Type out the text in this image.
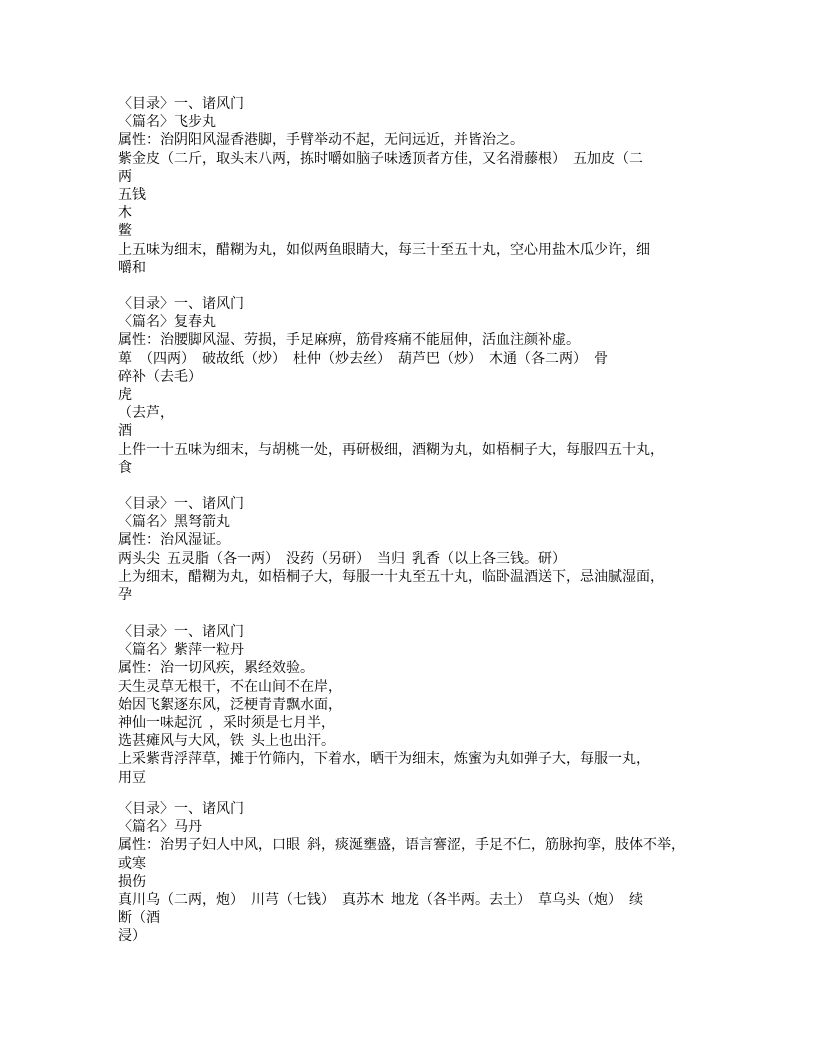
〈目录〉一、诸风门
〈篇名〉飞步丸
属性：治阴阳风湿香港脚，手臂举动不起，无问远近，并皆治之。
紫金皮（二斤，取头末八两，拣时嚼如脑子味透顶者方佳，又名滑藤根）  五加皮（二
两
五钱
木
鳖
上五味为细末，醋糊为丸，如似两鱼眼睛大，每三十至五十丸，空心用盐木瓜少许，细
嚼和
〈目录〉一、诸风门
〈篇名〉复春丸
属性：治腰脚风湿、劳损，手足麻痹，筋骨疼痛不能屈伸，活血注颜补虚。
萆  （四两）  破故纸（炒）  杜仲（炒去丝）  葫芦巴（炒）  木通（各二两）  骨
碎补（去毛）
虎
（去芦，
酒
上件一十五味为细末，与胡桃一处，再研极细，酒糊为丸，如梧桐子大，每服四五十丸，
食
〈目录〉一、诸风门
〈篇名〉黑弩箭丸
属性：治风湿证。
两头尖  五灵脂（各一两）  没药（另研）  当归  乳香（以上各三钱。研）
上为细末，醋糊为丸，如梧桐子大，每服一十丸至五十丸，临卧温酒送下，忌油腻湿面，
孕
〈目录〉一、诸风门
〈篇名〉紫萍一粒丹
属性：治一切风疾，累经效验。
天生灵草无根干，不在山间不在岸，
始因飞絮逐东风，泛梗青青飘水面，
神仙一味起沉  ，采时须是七月半，
选甚瘫风与大风，铁  头上也出汗。
上采紫背浮萍草，摊于竹筛内，下着水，晒干为细末，炼蜜为丸如弹子大，每服一丸，
用豆
〈目录〉一、诸风门
〈篇名〉马丹
属性：治男子妇人中风，口眼  斜，痰涎壅盛，语言謇涩，手足不仁，筋脉拘挛，肢体不举，
或寒
损伤
真川乌（二两，炮）  川芎（七钱）  真苏木  地龙（各半两。去土）  草乌头（炮）  续
断（酒
浸）
